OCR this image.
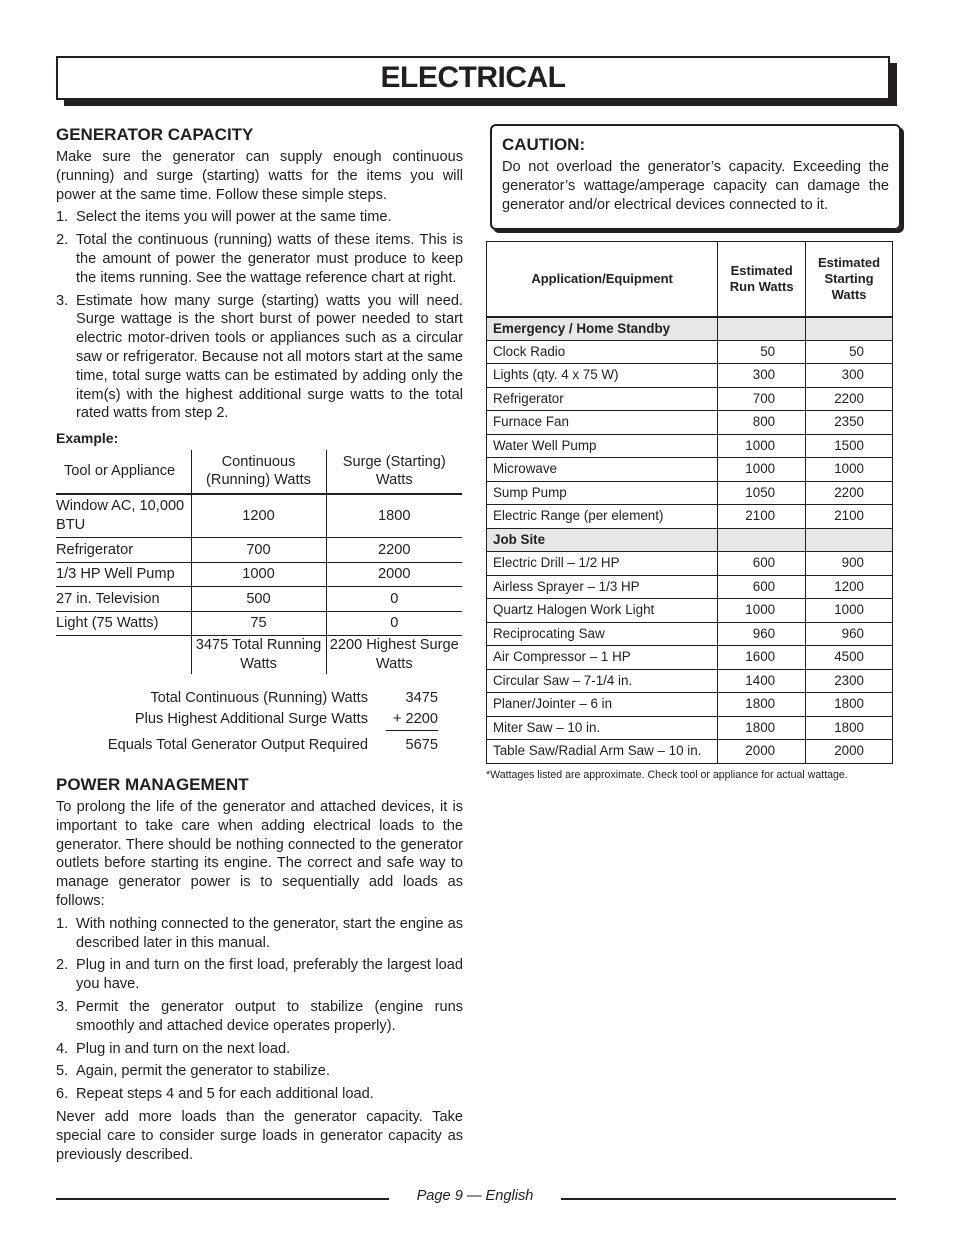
ELECTRICAL
GENERATOR CAPACITY

Make sure the generator can supply enough continuous (running) and surge (starting) watts for the items you will power at the same time. Follow these simple steps.

1. Select the items you will power at the same time.
2. Total the continuous (running) watts of these items. This is the amount of power the generator must produce to keep the items running. See the wattage reference chart at right.
3. Estimate how many surge (starting) watts you will need. Surge wattage is the short burst of power needed to start electric motor-driven tools or appliances such as a circular saw or refrigerator. Because not all motors start at the same time, total surge watts can be estimated by adding only the item(s) with the highest additional surge watts to the total rated watts from step 2.
Example:
Tool or Appliance	Continuous (Running) Watts	Surge (Starting) Watts
Window AC, 10,000 BTU	1200	1800
Refrigerator	700	2200
1/3 HP Well Pump	1000	2000
27 in. Television	500	0
Light (75 Watts)	75	0
	3475 Total Running Watts	2200 Highest Surge Watts
Total Continuous (Running) Watts	3475
Plus Highest Additional Surge Watts	+ 2200
Equals Total Generator Output Required	5675
POWER MANAGEMENT

To prolong the life of the generator and attached devices, it is important to take care when adding electrical loads to the generator. There should be nothing connected to the generator outlets before starting its engine. The correct and safe way to manage generator power is to sequentially add loads as follows:

1. With nothing connected to the generator, start the engine as described later in this manual.
2. Plug in and turn on the first load, preferably the largest load you have.
3. Permit the generator output to stabilize (engine runs smoothly and attached device operates properly).
4. Plug in and turn on the next load.
5. Again, permit the generator to stabilize.
6. Repeat steps 4 and 5 for each additional load.

Never add more loads than the generator capacity. Take special care to consider surge loads in generator capacity as previously described.

CAUTION:

Do not overload the generator’s capacity. Exceeding the generator’s wattage/amperage capacity can damage the generator and/or electrical devices connected to it.

Application/Equipment	Estimated Run Watts	Estimated Starting Watts
Emergency / Home Standby		
Clock Radio	50	50
Lights (qty. 4 x 75 W)	300	300
Refrigerator	700	2200
Furnace Fan	800	2350
Water Well Pump	1000	1500
Microwave	1000	1000
Sump Pump	1050	2200
Electric Range (per element)	2100	2100
Job Site		
Electric Drill – 1/2 HP	600	900
Airless Sprayer – 1/3 HP	600	1200
Quartz Halogen Work Light	1000	1000
Reciprocating Saw	960	960
Air Compressor – 1 HP	1600	4500
Circular Saw – 7-1/4 in.	1400	2300
Planer/Jointer – 6 in	1800	1800
Miter Saw – 10 in.	1800	1800
Table Saw/Radial Arm Saw – 10 in.	2000	2000
*Wattages listed are approximate. Check tool or appliance for actual wattage.
Page 9 — English
